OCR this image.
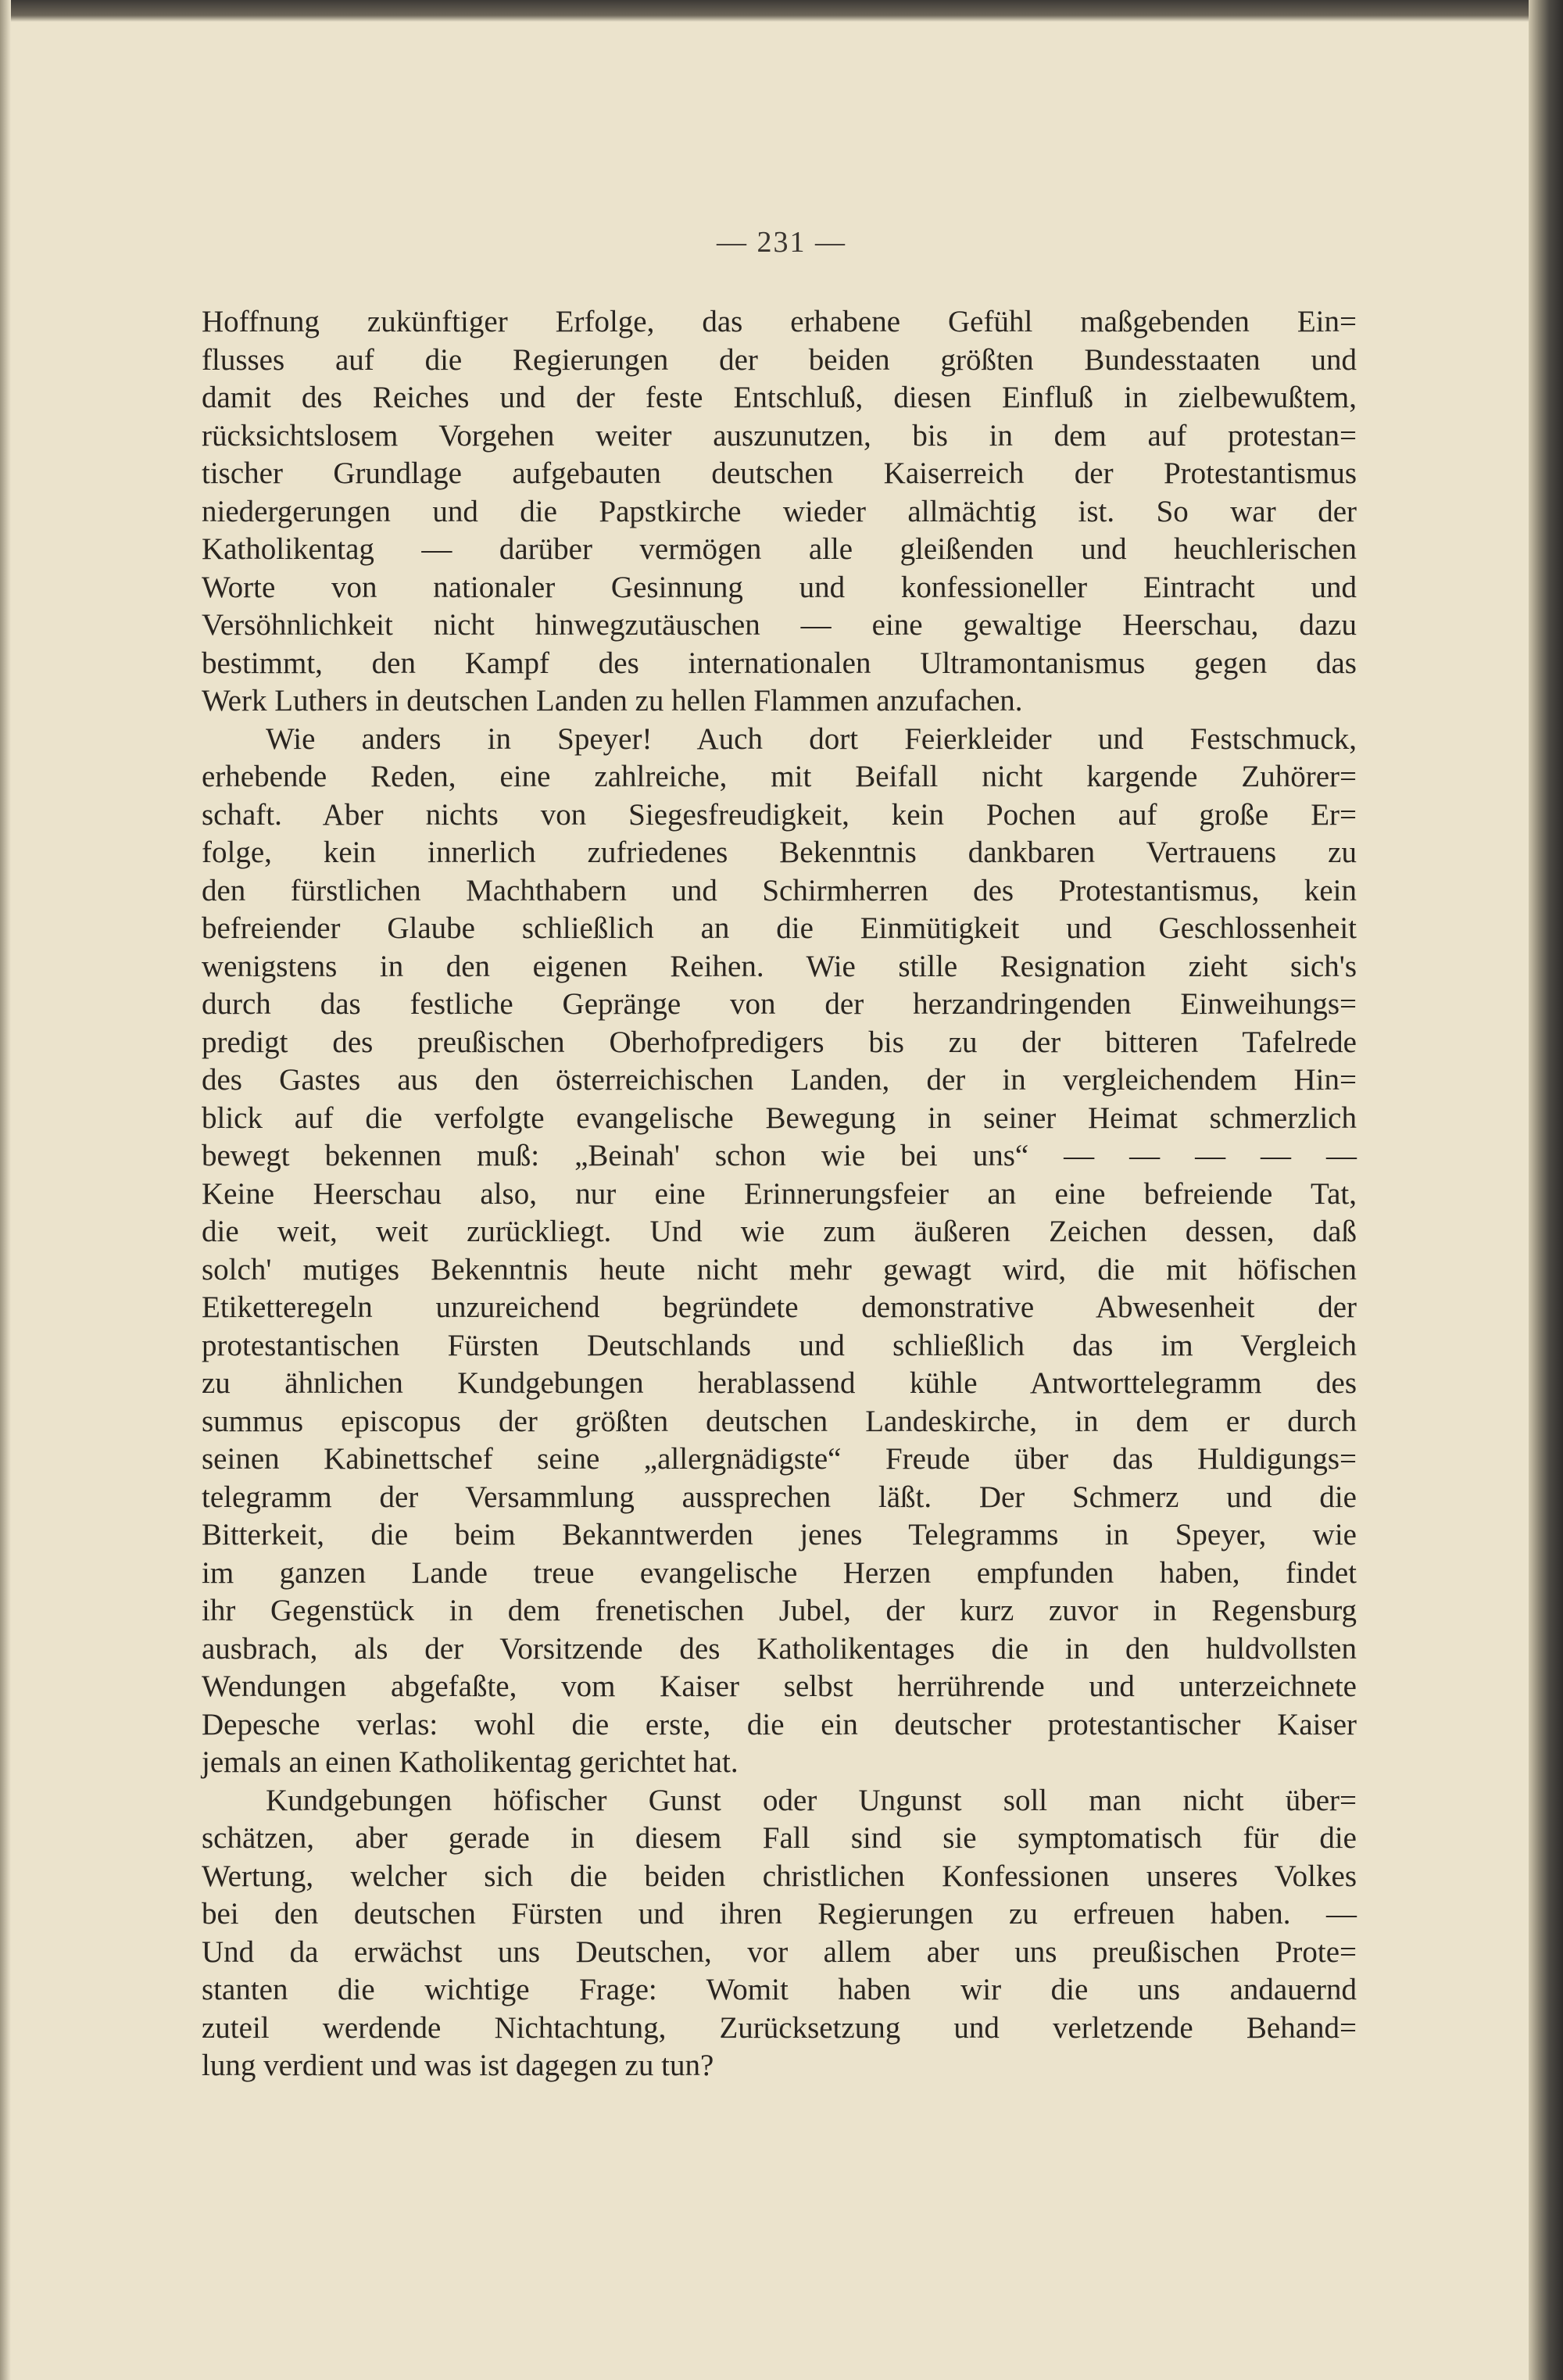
— 231 —
Hoffnung zukünftiger Erfolge, das erhabene Gefühl maßgebenden Ein=
flusses auf die Regierungen der beiden größten Bundesstaaten und
damit des Reiches und der feste Entschluß, diesen Einfluß in zielbewußtem,
rücksichtslosem Vorgehen weiter auszunutzen, bis in dem auf protestan=
tischer Grundlage aufgebauten deutschen Kaiserreich der Protestantismus
niedergerungen und die Papstkirche wieder allmächtig ist. So war der
Katholikentag — darüber vermögen alle gleißenden und heuchlerischen
Worte von nationaler Gesinnung und konfessioneller Eintracht und
Versöhnlichkeit nicht hinwegzutäuschen — eine gewaltige Heerschau, dazu
bestimmt, den Kampf des internationalen Ultramontanismus gegen das
Werk Luthers in deutschen Landen zu hellen Flammen anzufachen.
Wie anders in Speyer! Auch dort Feierkleider und Festschmuck,
erhebende Reden, eine zahlreiche, mit Beifall nicht kargende Zuhörer=
schaft. Aber nichts von Siegesfreudigkeit, kein Pochen auf große Er=
folge, kein innerlich zufriedenes Bekenntnis dankbaren Vertrauens zu
den fürstlichen Machthabern und Schirmherren des Protestantismus, kein
befreiender Glaube schließlich an die Einmütigkeit und Geschlossenheit
wenigstens in den eigenen Reihen. Wie stille Resignation zieht sich's
durch das festliche Gepränge von der herzandringenden Einweihungs=
predigt des preußischen Oberhofpredigers bis zu der bitteren Tafelrede
des Gastes aus den österreichischen Landen, der in vergleichendem Hin=
blick auf die verfolgte evangelische Bewegung in seiner Heimat schmerzlich
bewegt bekennen muß: „Beinah' schon wie bei uns“ — — — — —
Keine Heerschau also, nur eine Erinnerungsfeier an eine befreiende Tat,
die weit, weit zurückliegt. Und wie zum äußeren Zeichen dessen, daß
solch' mutiges Bekenntnis heute nicht mehr gewagt wird, die mit höfischen
Etiketteregeln unzureichend begründete demonstrative Abwesenheit der
protestantischen Fürsten Deutschlands und schließlich das im Vergleich
zu ähnlichen Kundgebungen herablassend kühle Antworttelegramm des
summus episcopus der größten deutschen Landeskirche, in dem er durch
seinen Kabinettschef seine „allergnädigste“ Freude über das Huldigungs=
telegramm der Versammlung aussprechen läßt. Der Schmerz und die
Bitterkeit, die beim Bekanntwerden jenes Telegramms in Speyer, wie
im ganzen Lande treue evangelische Herzen empfunden haben, findet
ihr Gegenstück in dem frenetischen Jubel, der kurz zuvor in Regensburg
ausbrach, als der Vorsitzende des Katholikentages die in den huldvollsten
Wendungen abgefaßte, vom Kaiser selbst herrührende und unterzeichnete
Depesche verlas: wohl die erste, die ein deutscher protestantischer Kaiser
jemals an einen Katholikentag gerichtet hat.
Kundgebungen höfischer Gunst oder Ungunst soll man nicht über=
schätzen, aber gerade in diesem Fall sind sie symptomatisch für die
Wertung, welcher sich die beiden christlichen Konfessionen unseres Volkes
bei den deutschen Fürsten und ihren Regierungen zu erfreuen haben. —
Und da erwächst uns Deutschen, vor allem aber uns preußischen Prote=
stanten die wichtige Frage: Womit haben wir die uns andauernd
zuteil werdende Nichtachtung, Zurücksetzung und verletzende Behand=
lung verdient und was ist dagegen zu tun?
